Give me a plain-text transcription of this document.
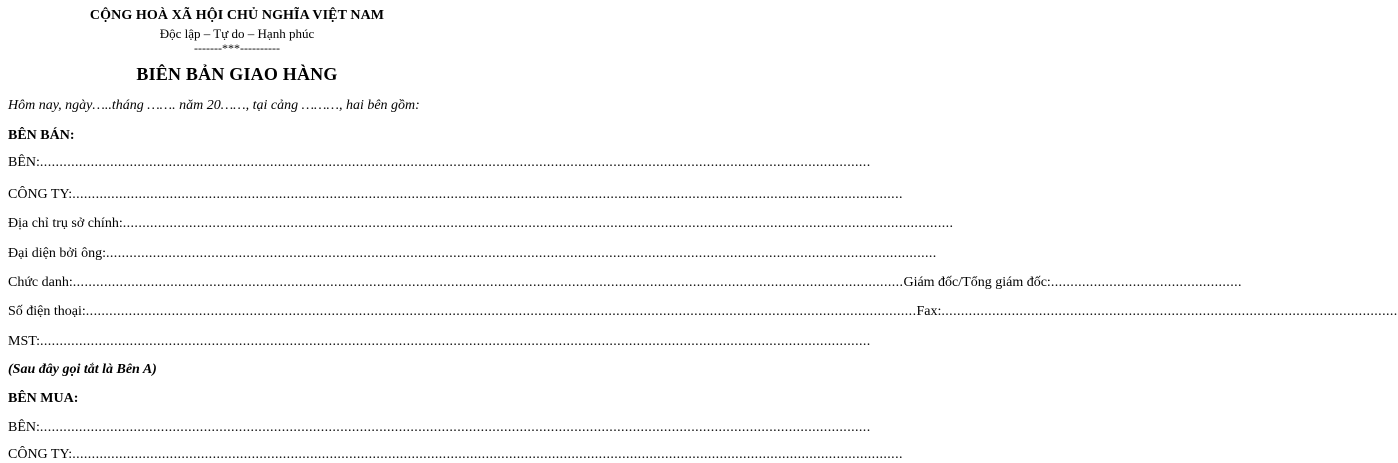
CỘNG HOÀ XÃ HỘI CHỦ NGHĨA VIỆT NAM
Độc lập – Tự do – Hạnh phúc
-------***----------
BIÊN BẢN GIAO HÀNG
Hôm nay, ngày…..tháng ……. năm 20……, tại cảng ………, hai bên gồm:
BÊN BÁN:
BÊN: .....................................................................................................................................................................................................................
CÔNG TY: .....................................................................................................................................................................................................................
Địa chỉ trụ sở chính: .....................................................................................................................................................................................................................
Đại diện bởi ông: .....................................................................................................................................................................................................................
Chức danh: ..................................................................................................................................................................................................................... Giám đốc/Tổng giám đốc: .................................................
Số điện thoại: ..................................................................................................................................................................................................................... Fax: .....................................................................................................................
MST: .....................................................................................................................................................................................................................
(Sau đây gọi tắt là Bên A)
BÊN MUA:
BÊN: .....................................................................................................................................................................................................................
CÔNG TY: .....................................................................................................................................................................................................................
